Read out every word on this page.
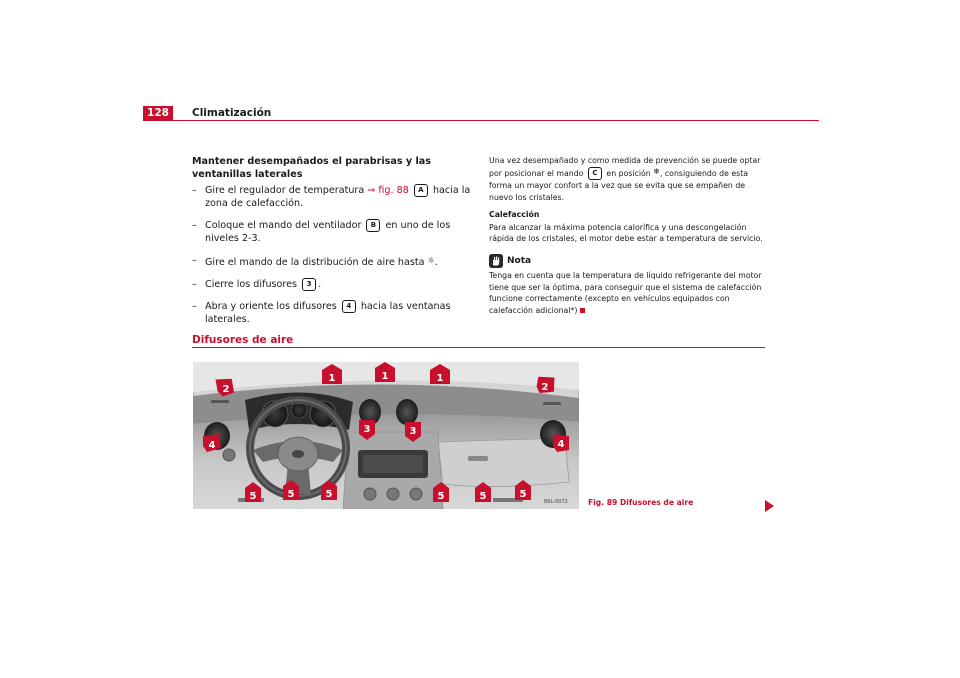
128	Climatización
Mantener desempañados el parabrisas y las ventanillas laterales
– Gire el regulador de temperatura ⇒ fig. 88 A hacia la zona de calefacción.
– Coloque el mando del ventilador B en uno de los niveles 2-3.
– Gire el mando de la distribución de aire hasta ☼.
– Cierre los difusores 3 .
– Abra y oriente los difusores 4 hacia las ventanas laterales.

Una vez desempañado y como medida de prevención se puede optar por posicionar el mando C en posición ❄, consiguiendo de esta forma un mayor confort a la vez que se evita que se empañen de nuevo los cristales.

Calefacción

Para alcanzar la máxima potencia calorífica y una descongelación rápida de los cristales, el motor debe estar a temperatura de servicio.

Nota

Tenga en cuenta que la temperatura de líquido refrigerante del motor tiene que ser la óptima, para conseguir que el sistema de calefacción funcione correctamente (excepto en vehículos equipados con calefacción adicional*)

Difusores de aire
1	1	1
2	2
3	3
4	4
5	5	5	5	5	5
B6L-0072	Fig. 89 Difusores de aire
